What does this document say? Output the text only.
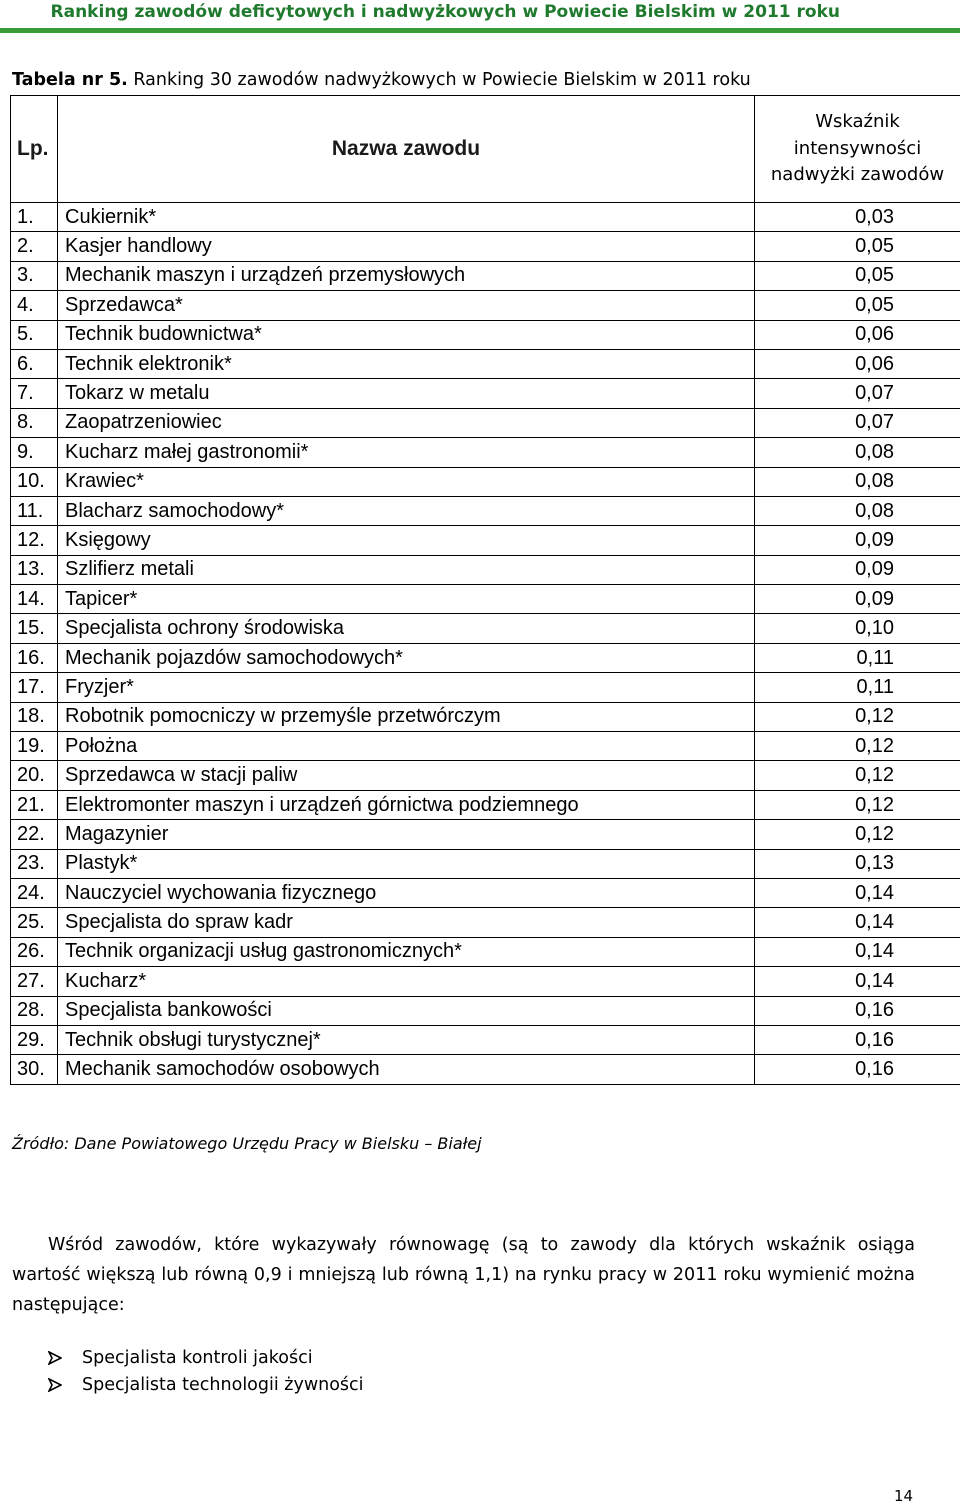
Ranking zawodów deficytowych i nadwyżkowych w Powiecie Bielskim w 2011 roku
Tabela nr 5. Ranking 30 zawodów nadwyżkowych w Powiecie Bielskim w 2011 roku
Lp.	Nazwa zawodu	Wskaźnik intensywności nadwyżki zawodów
1.	Cukiernik*	0,03
2.	Kasjer handlowy	0,05
3.	Mechanik maszyn i urządzeń przemysłowych	0,05
4.	Sprzedawca*	0,05
5.	Technik budownictwa*	0,06
6.	Technik elektronik*	0,06
7.	Tokarz w metalu	0,07
8.	Zaopatrzeniowiec	0,07
9.	Kucharz małej gastronomii*	0,08
10.	Krawiec*	0,08
11.	Blacharz samochodowy*	0,08
12.	Księgowy	0,09
13.	Szlifierz metali	0,09
14.	Tapicer*	0,09
15.	Specjalista ochrony środowiska	0,10
16.	Mechanik pojazdów samochodowych*	0,11
17.	Fryzjer*	0,11
18.	Robotnik pomocniczy w przemyśle przetwórczym	0,12
19.	Położna	0,12
20.	Sprzedawca w stacji paliw	0,12
21.	Elektromonter maszyn i urządzeń górnictwa podziemnego	0,12
22.	Magazynier	0,12
23.	Plastyk*	0,13
24.	Nauczyciel wychowania fizycznego	0,14
25.	Specjalista do spraw kadr	0,14
26.	Technik organizacji usług gastronomicznych*	0,14
27.	Kucharz*	0,14
28.	Specjalista bankowości	0,16
29.	Technik obsługi turystycznej*	0,16
30.	Mechanik samochodów osobowych	0,16
Źródło: Dane Powiatowego Urzędu Pracy w Bielsku – Białej
Wśród zawodów, które wykazywały równowagę (są to zawody dla których wskaźnik osiąga wartość większą lub równą 0,9 i mniejszą lub równą 1,1) na rynku pracy w 2011 roku wymienić można następujące:
Specjalista kontroli jakości
Specjalista technologii żywności
14
